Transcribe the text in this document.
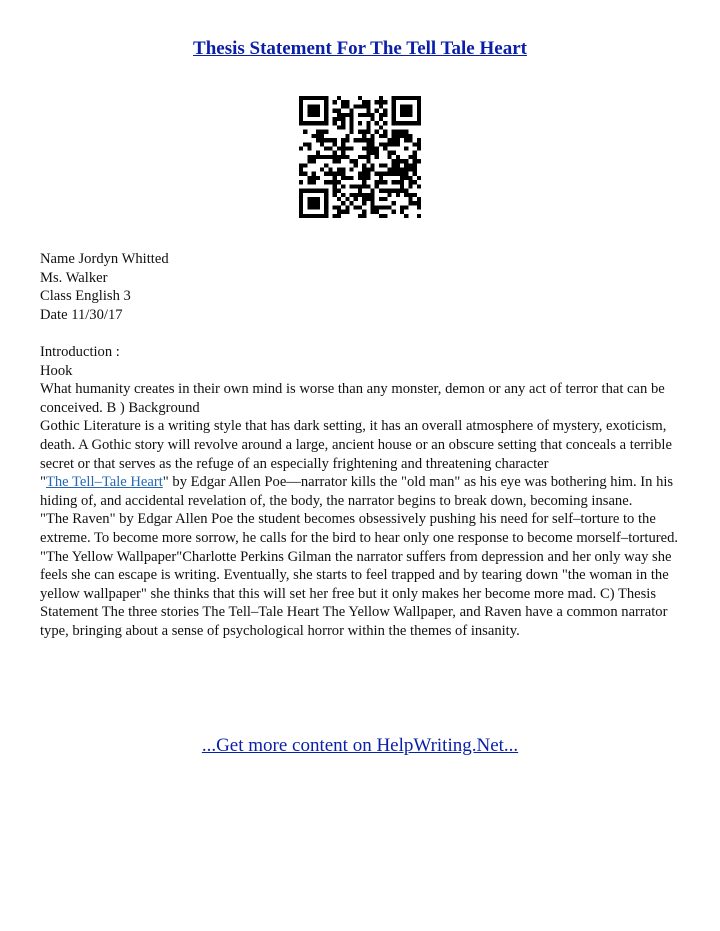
Thesis Statement For The Tell Tale Heart

Name Jordyn Whitted

Ms. Walker

Class English 3

Date 11/30/17

Introduction :

Hook

What humanity creates in their own mind is worse than any monster, demon or any act of terror that can be conceived. B ) Background

Gothic Literature is a writing style that has dark setting, it has an overall atmosphere of mystery, exoticism, death. A Gothic story will revolve around a large, ancient house or an obscure setting that conceals a terrible secret or that serves as the refuge of an especially frightening and threatening character

"The Tell–Tale Heart" by Edgar Allen Poe—narrator kills the "old man" as his eye was bothering him. In his hiding of, and accidental revelation of, the body, the narrator begins to break down, becoming insane.

"The Raven" by Edgar Allen Poe the student becomes obsessively pushing his need for self–torture to the extreme. To become more sorrow, he calls for the bird to hear only one response to become morself–tortured.

"The Yellow Wallpaper"Charlotte Perkins Gilman the narrator suffers from depression and her only way she feels she can escape is writing. Eventually, she starts to feel trapped and by tearing down "the woman in the yellow wallpaper" she thinks that this will set her free but it only makes her become more mad. C) Thesis Statement The three stories The Tell–Tale Heart The Yellow Wallpaper, and Raven have a common narrator type, bringing about a sense of psychological horror within the themes of insanity.

...Get more content on HelpWriting.Net...
